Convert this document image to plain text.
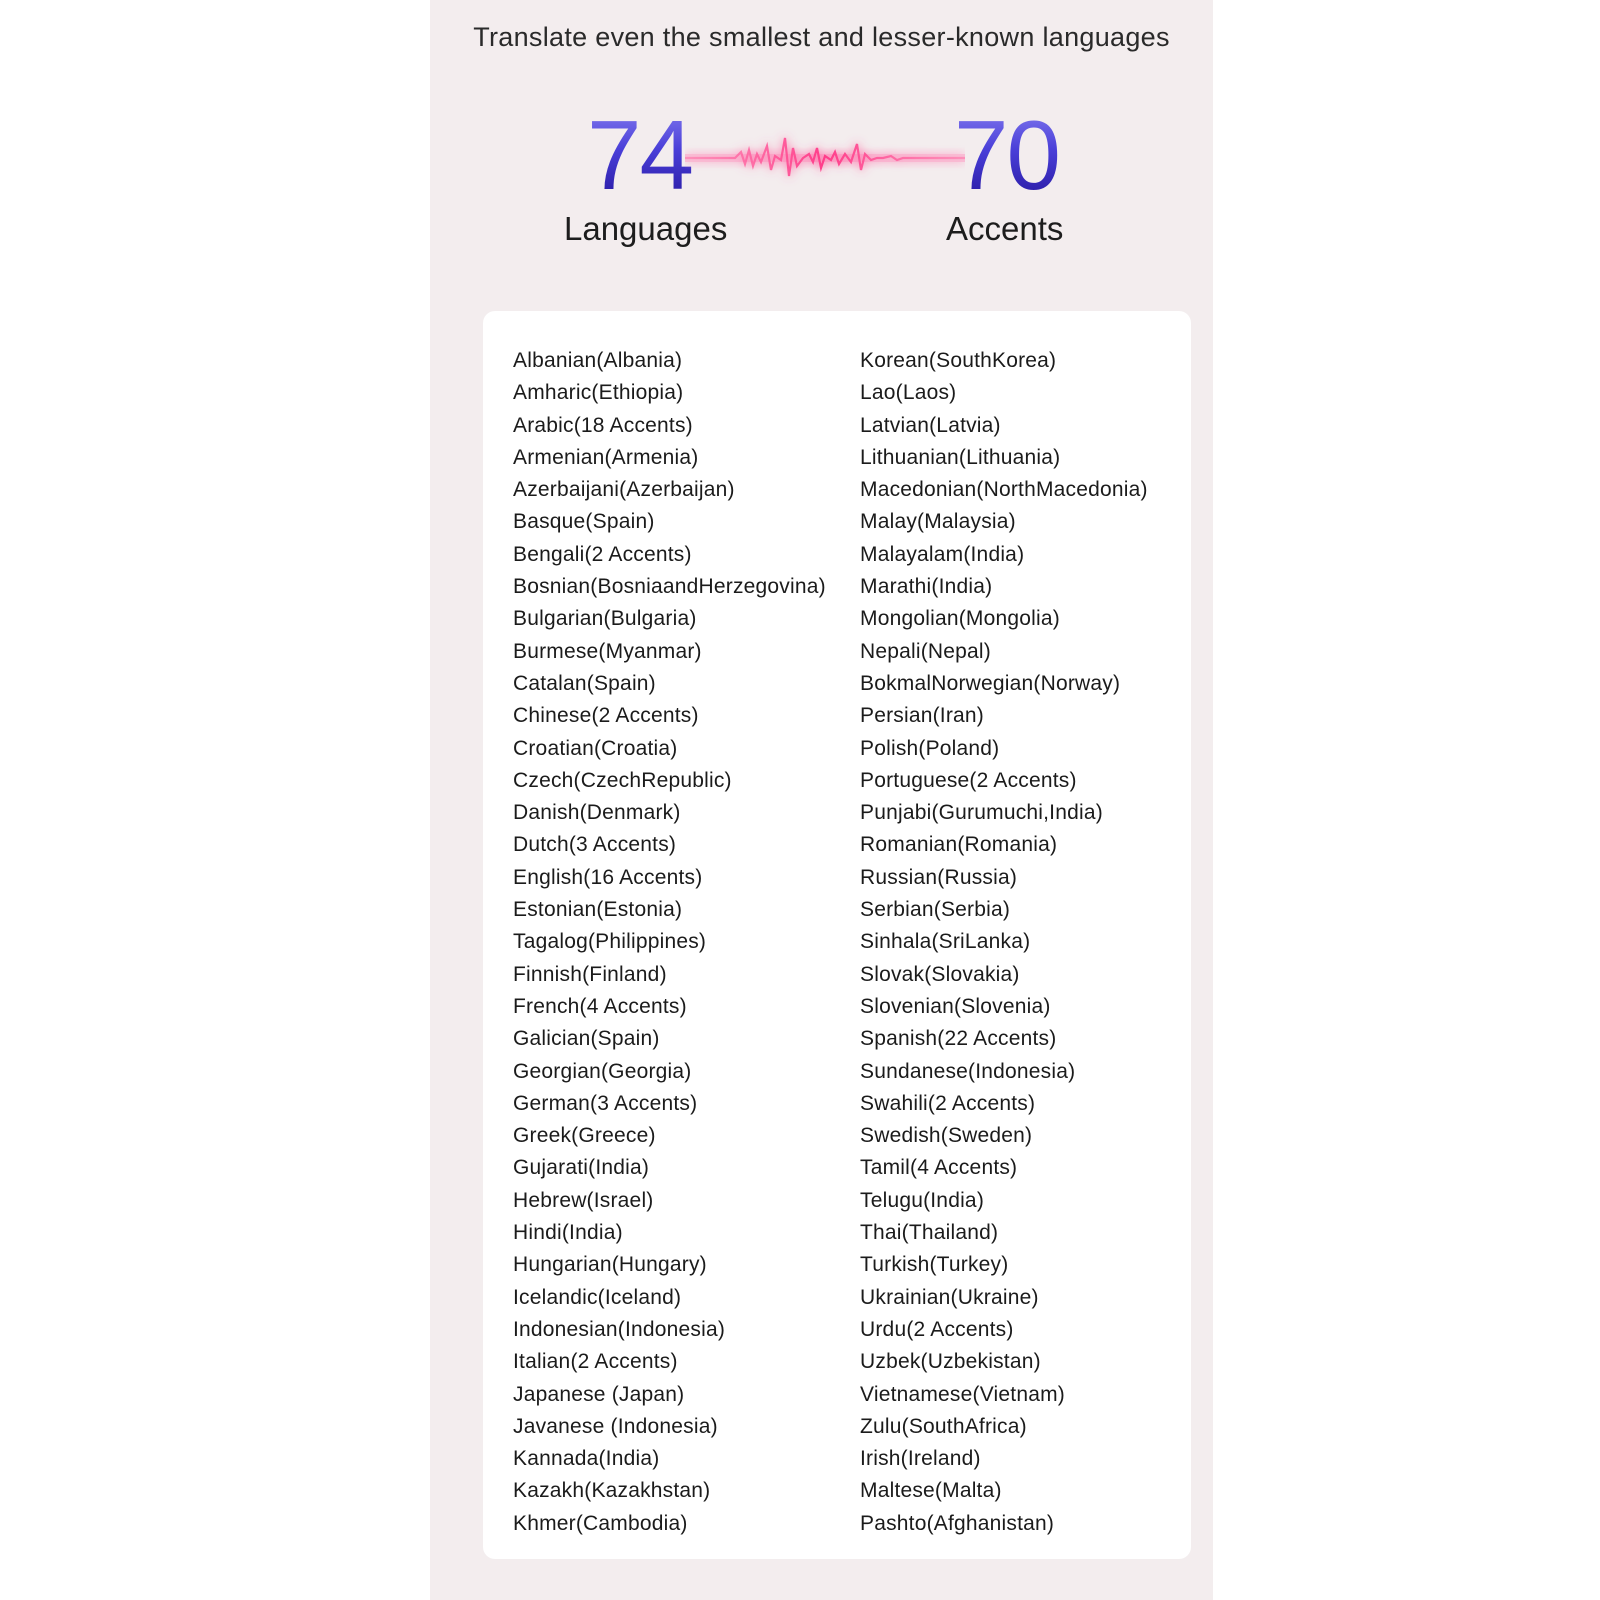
Translate even the smallest and lesser-known languages
74	70
Languages	Accents
Albanian(Albania)
Amharic(Ethiopia)
Arabic(18 Accents)
Armenian(Armenia)
Azerbaijani(Azerbaijan)
Basque(Spain)
Bengali(2 Accents)
Bosnian(BosniaandHerzegovina)
Bulgarian(Bulgaria)
Burmese(Myanmar)
Catalan(Spain)
Chinese(2 Accents)
Croatian(Croatia)
Czech(CzechRepublic)
Danish(Denmark)
Dutch(3 Accents)
English(16 Accents)
Estonian(Estonia)
Tagalog(Philippines)
Finnish(Finland)
French(4 Accents)
Galician(Spain)
Georgian(Georgia)
German(3 Accents)
Greek(Greece)
Gujarati(India)
Hebrew(Israel)
Hindi(India)
Hungarian(Hungary)
Icelandic(Iceland)
Indonesian(Indonesia)
Italian(2 Accents)
Japanese (Japan)
Javanese (Indonesia)
Kannada(India)
Kazakh(Kazakhstan)
Khmer(Cambodia)
Korean(SouthKorea)
Lao(Laos)
Latvian(Latvia)
Lithuanian(Lithuania)
Macedonian(NorthMacedonia)
Malay(Malaysia)
Malayalam(India)
Marathi(India)
Mongolian(Mongolia)
Nepali(Nepal)
BokmalNorwegian(Norway)
Persian(Iran)
Polish(Poland)
Portuguese(2 Accents)
Punjabi(Gurumuchi,India)
Romanian(Romania)
Russian(Russia)
Serbian(Serbia)
Sinhala(SriLanka)
Slovak(Slovakia)
Slovenian(Slovenia)
Spanish(22 Accents)
Sundanese(Indonesia)
Swahili(2 Accents)
Swedish(Sweden)
Tamil(4 Accents)
Telugu(India)
Thai(Thailand)
Turkish(Turkey)
Ukrainian(Ukraine)
Urdu(2 Accents)
Uzbek(Uzbekistan)
Vietnamese(Vietnam)
Zulu(SouthAfrica)
Irish(Ireland)
Maltese(Malta)
Pashto(Afghanistan)
